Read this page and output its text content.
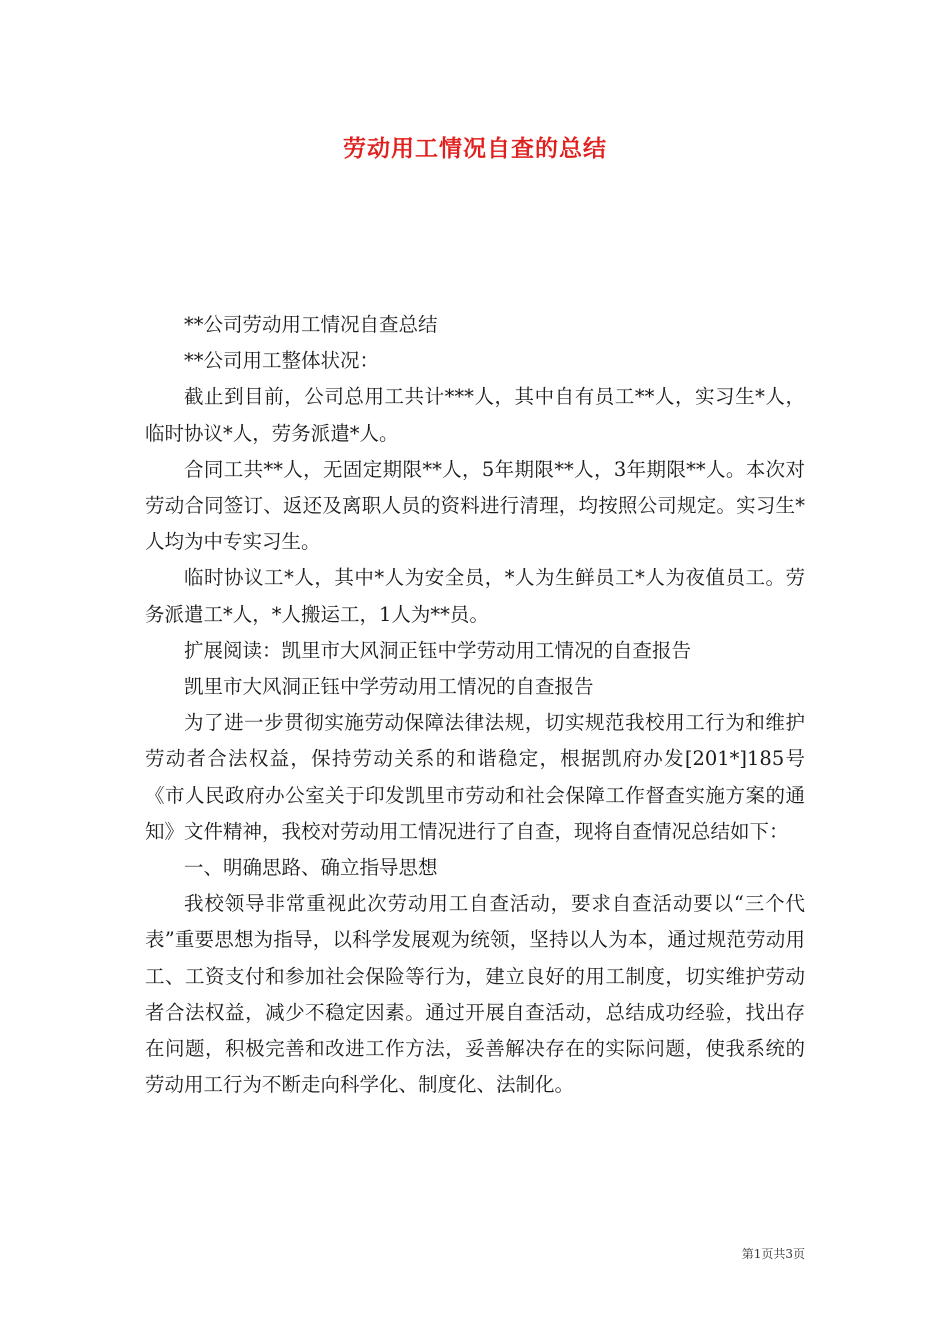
劳动用工情况自查的总结

**公司劳动用工情况自查总结

**公司用工整体状况：

截止到目前，公司总用工共计***人，其中自有员工**人，实习生*人，临时协议*人，劳务派遣*人。

合同工共**人，无固定期限**人，5年期限**人，3年期限**人。本次对劳动合同签订、返还及离职人员的资料进行清理，均按照公司规定。实习生*人均为中专实习生。

临时协议工*人，其中*人为安全员，*人为生鲜员工*人为夜值员工。劳务派遣工*人，*人搬运工，1人为**员。

扩展阅读：凯里市大风洞正钰中学劳动用工情况的自查报告

凯里市大风洞正钰中学劳动用工情况的自查报告

为了进一步贯彻实施劳动保障法律法规，切实规范我校用工行为和维护劳动者合法权益，保持劳动关系的和谐稳定，根据凯府办发[201*]185号《市人民政府办公室关于印发凯里市劳动和社会保障工作督查实施方案的通知》文件精神，我校对劳动用工情况进行了自查，现将自查情况总结如下：

一、明确思路、确立指导思想

我校领导非常重视此次劳动用工自查活动，要求自查活动要以“三个代表”重要思想为指导，以科学发展观为统领，坚持以人为本，通过规范劳动用工、工资支付和参加社会保险等行为，建立良好的用工制度，切实维护劳动者合法权益，减少不稳定因素。通过开展自查活动，总结成功经验，找出存在问题，积极完善和改进工作方法，妥善解决存在的实际问题，使我系统的劳动用工行为不断走向科学化、制度化、法制化。

第1页共3页
